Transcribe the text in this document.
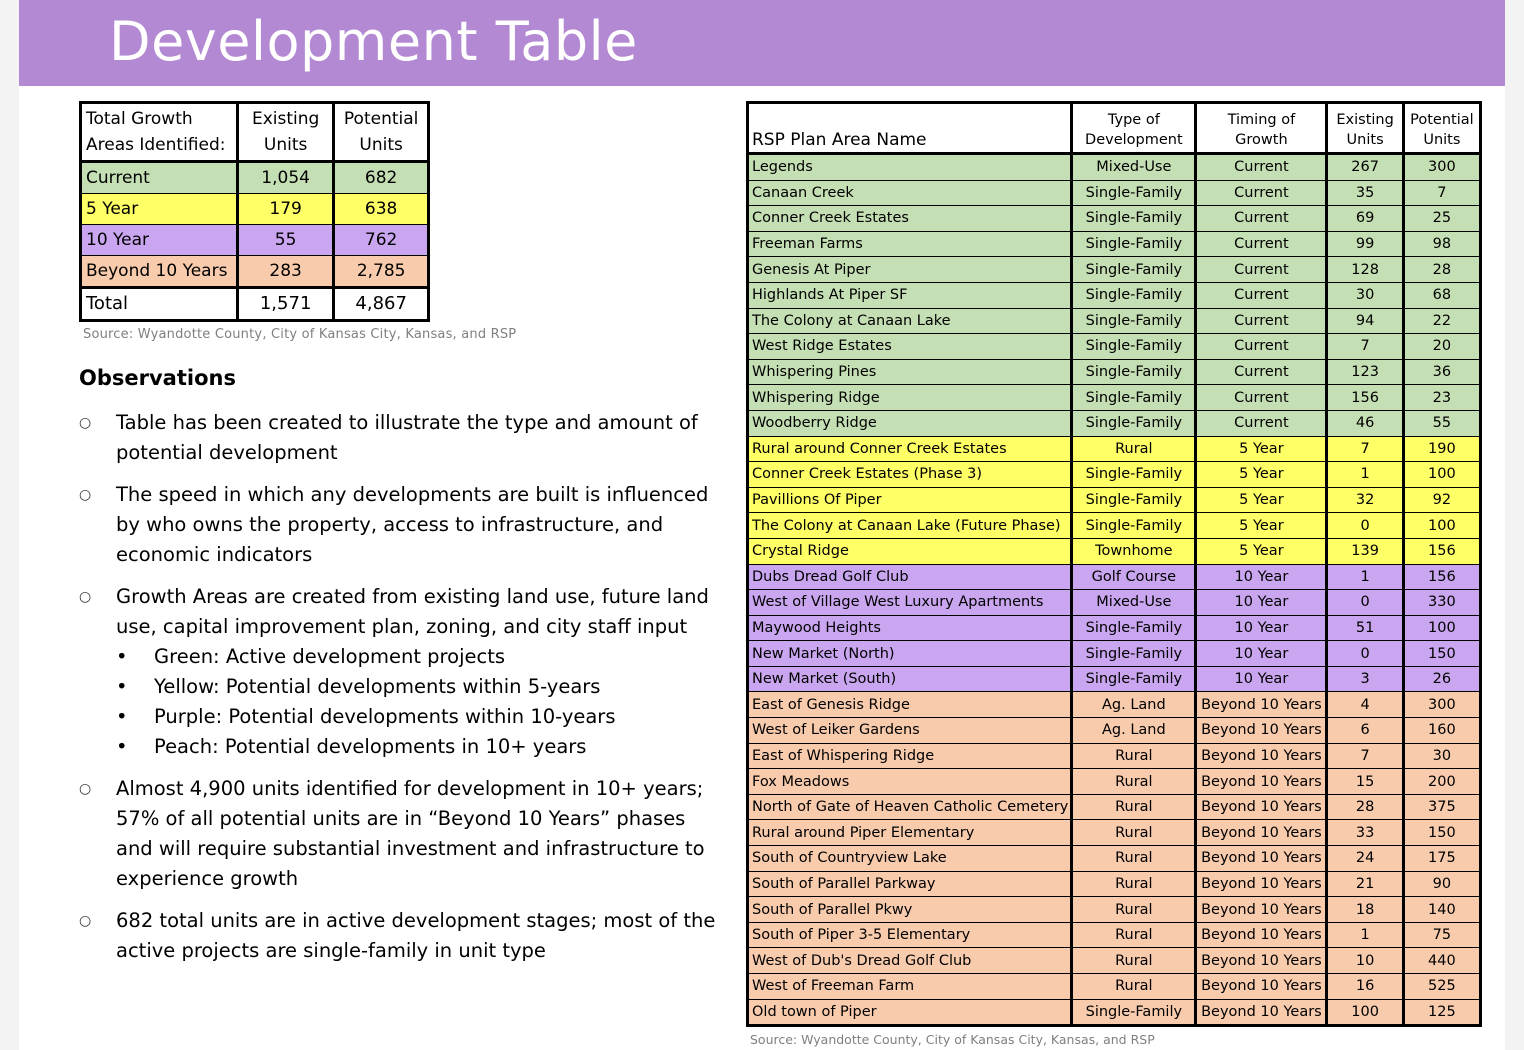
Development Table
Total Growth Areas Identified:	Existing Units	Potential Units
Current	1,054	682
5 Year	179	638
10 Year	55	762
Beyond 10 Years	283	2,785
Total	1,571	4,867
Source: Wyandotte County, City of Kansas City, Kansas, and RSP
Observations
○ Table has been created to illustrate the type and amount of potential development
○ The speed in which any developments are built is influenced by who owns the property, access to infrastructure, and economic indicators
○ Growth Areas are created from existing land use, future land use, capital improvement plan, zoning, and city staff input
• Green: Active development projects
• Yellow: Potential developments within 5-years
• Purple: Potential developments within 10-years
• Peach: Potential developments in 10+ years
○ Almost 4,900 units identified for development in 10+ years; 57% of all potential units are in “Beyond 10 Years” phases and will require substantial investment and infrastructure to experience growth
○ 682 total units are in active development stages; most of the active projects are single-family in unit type
RSP Plan Area Name	Type of Development	Timing of Growth	Existing Units	Potential Units
Legends	Mixed-Use	Current	267	300
Canaan Creek	Single-Family	Current	35	7
Conner Creek Estates	Single-Family	Current	69	25
Freeman Farms	Single-Family	Current	99	98
Genesis At Piper	Single-Family	Current	128	28
Highlands At Piper SF	Single-Family	Current	30	68
The Colony at Canaan Lake	Single-Family	Current	94	22
West Ridge Estates	Single-Family	Current	7	20
Whispering Pines	Single-Family	Current	123	36
Whispering Ridge	Single-Family	Current	156	23
Woodberry Ridge	Single-Family	Current	46	55
Rural around Conner Creek Estates	Rural	5 Year	7	190
Conner Creek Estates (Phase 3)	Single-Family	5 Year	1	100
Pavillions Of Piper	Single-Family	5 Year	32	92
The Colony at Canaan Lake (Future Phase)	Single-Family	5 Year	0	100
Crystal Ridge	Townhome	5 Year	139	156
Dubs Dread Golf Club	Golf Course	10 Year	1	156
West of Village West Luxury Apartments	Mixed-Use	10 Year	0	330
Maywood Heights	Single-Family	10 Year	51	100
New Market (North)	Single-Family	10 Year	0	150
New Market (South)	Single-Family	10 Year	3	26
East of Genesis Ridge	Ag. Land	Beyond 10 Years	4	300
West of Leiker Gardens	Ag. Land	Beyond 10 Years	6	160
East of Whispering Ridge	Rural	Beyond 10 Years	7	30
Fox Meadows	Rural	Beyond 10 Years	15	200
North of Gate of Heaven Catholic Cemetery	Rural	Beyond 10 Years	28	375
Rural around Piper Elementary	Rural	Beyond 10 Years	33	150
South of Countryview Lake	Rural	Beyond 10 Years	24	175
South of Parallel Parkway	Rural	Beyond 10 Years	21	90
South of Parallel Pkwy	Rural	Beyond 10 Years	18	140
South of Piper 3-5 Elementary	Rural	Beyond 10 Years	1	75
West of Dub's Dread Golf Club	Rural	Beyond 10 Years	10	440
West of Freeman Farm	Rural	Beyond 10 Years	16	525
Old town of Piper	Single-Family	Beyond 10 Years	100	125
Source: Wyandotte County, City of Kansas City, Kansas, and RSP
